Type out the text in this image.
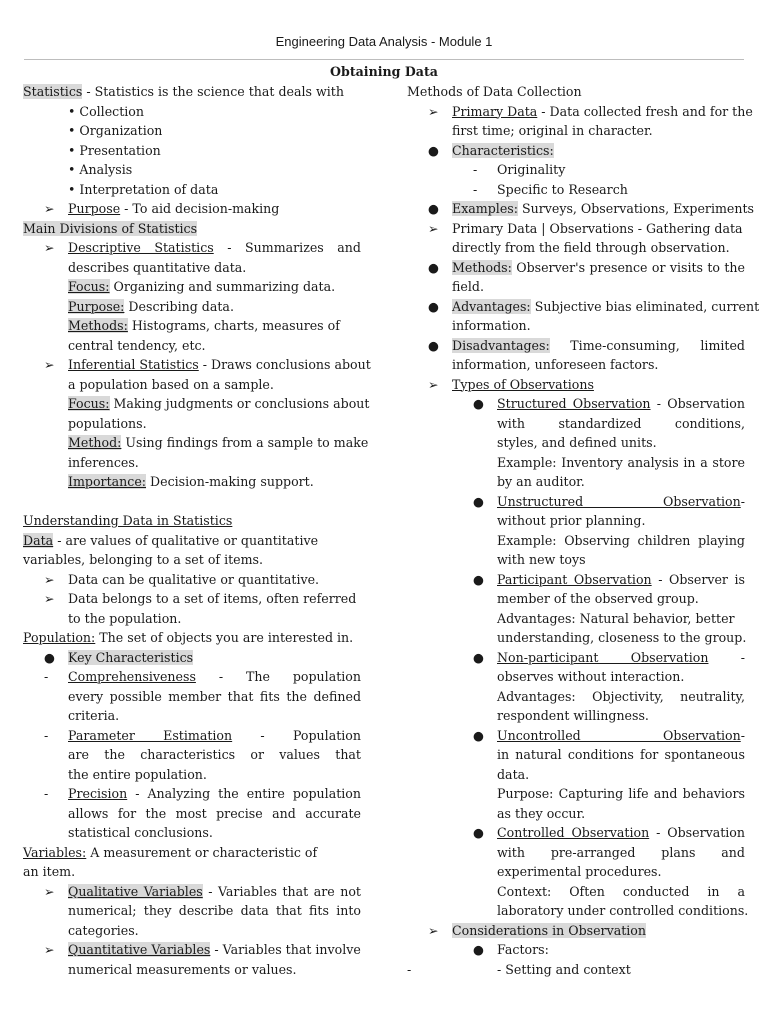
Engineering Data Analysis - Module 1
Obtaining Data
Statistics - Statistics is the science that deals with
• Collection
• Organization
• Presentation
• Analysis
• Interpretation of data
➢ Purpose - To aid decision-making
Main Divisions of Statistics
➢ Descriptive Statistics - Summarizes and
describes quantitative data.
Focus: Organizing and summarizing data.
Purpose: Describing data.
Methods: Histograms, charts, measures of
central tendency, etc.
➢ Inferential Statistics - Draws conclusions about
a population based on a sample.
Focus: Making judgments or conclusions about
populations.
Method: Using findings from a sample to make
inferences.
Importance: Decision-making support.
Understanding Data in Statistics
Data - are values of qualitative or quantitative
variables, belonging to a set of items.
➢ Data can be qualitative or quantitative.
➢ Data belongs to a set of items, often referred
to the population.
Population: The set of objects you are interested in.
● Key Characteristics
- Comprehensiveness - The population
every possible member that fits the defined
criteria.
- Parameter Estimation - Population
are the characteristics or values that
the entire population.
- Precision - Analyzing the entire population
allows for the most precise and accurate
statistical conclusions.
Variables: A measurement or characteristic of
an item.
➢ Qualitative Variables - Variables that are not
numerical; they describe data that fits into
categories.
➢ Quantitative Variables - Variables that involve
numerical measurements or values.
Methods of Data Collection
➢ Primary Data - Data collected fresh and for the
first time; original in character.
● Characteristics:
- Originality
- Specific to Research
● Examples: Surveys, Observations, Experiments
➢ Primary Data | Observations - Gathering data
directly from the field through observation.
● Methods: Observer's presence or visits to the
field.
● Advantages: Subjective bias eliminated, current
information.
● Disadvantages: Time-consuming, limited
information, unforeseen factors.
➢ Types of Observations
● Structured Observation - Observation
with standardized conditions,
styles, and defined units.
Example: Inventory analysis in a store
by an auditor.
● Unstructured Observation-
without prior planning.
Example: Observing children playing
with new toys
● Participant Observation - Observer is
member of the observed group.
Advantages: Natural behavior, better
understanding, closeness to the group.
● Non-participant Observation	-
observes without interaction.
Advantages: Objectivity, neutrality,
respondent willingness.
● Uncontrolled Observation-
in natural conditions for spontaneous
data.
Purpose: Capturing life and behaviors
as they occur.
● Controlled Observation - Observation
with pre-arranged plans and
experimental procedures.
Context: Often conducted in a
laboratory under controlled conditions.
➢ Considerations in Observation
● Factors:
-	- Setting and context
